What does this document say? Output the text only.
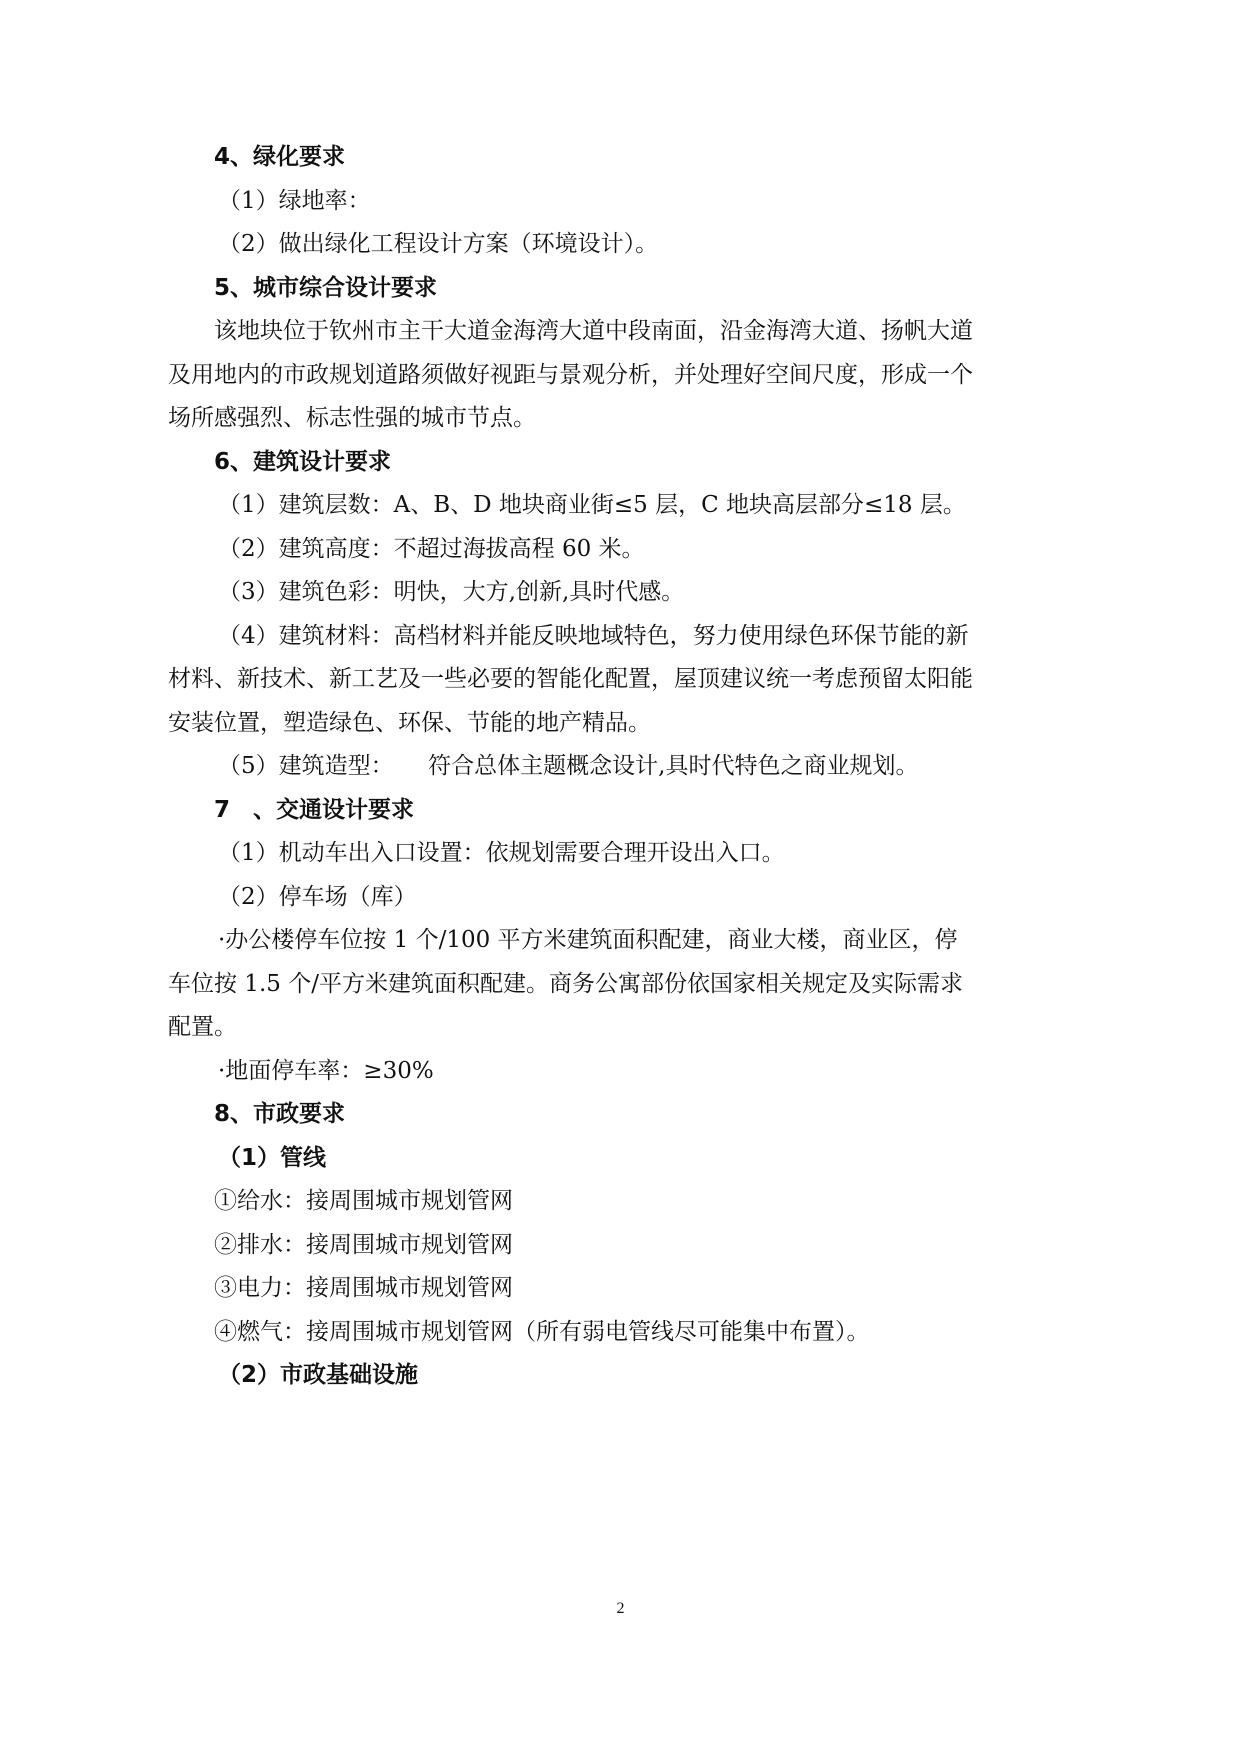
4、绿化要求
（1）绿地率：
（2）做出绿化工程设计方案（环境设计）。
5、城市综合设计要求
该地块位于钦州市主干大道金海湾大道中段南面，沿金海湾大道、扬帆大道
及用地内的市政规划道路须做好视距与景观分析，并处理好空间尺度，形成一个
场所感强烈、标志性强的城市节点。
6、建筑设计要求
（1）建筑层数：A、B、D 地块商业街≤5 层，C 地块高层部分≤18 层。
（2）建筑高度：不超过海拔高程 60 米。
（3）建筑色彩：明快，大方,创新,具时代感。
（4）建筑材料：高档材料并能反映地域特色，努力使用绿色环保节能的新
材料、新技术、新工艺及一些必要的智能化配置，屋顶建议统一考虑预留太阳能
安装位置，塑造绿色、环保、节能的地产精品。
（5）建筑造型：　　符合总体主题概念设计,具时代特色之商业规划。
7　、交通设计要求
（1）机动车出入口设置：依规划需要合理开设出入口。
（2）停车场（库）
·办公楼停车位按 1 个/100 平方米建筑面积配建，商业大楼，商业区，停
车位按 1.5 个/平方米建筑面积配建。商务公寓部份依国家相关规定及实际需求
配置。
·地面停车率：≥30%
8、市政要求
（1）管线
①给水：接周围城市规划管网
②排水：接周围城市规划管网
③电力：接周围城市规划管网
④燃气：接周围城市规划管网（所有弱电管线尽可能集中布置）。
（2）市政基础设施
2
